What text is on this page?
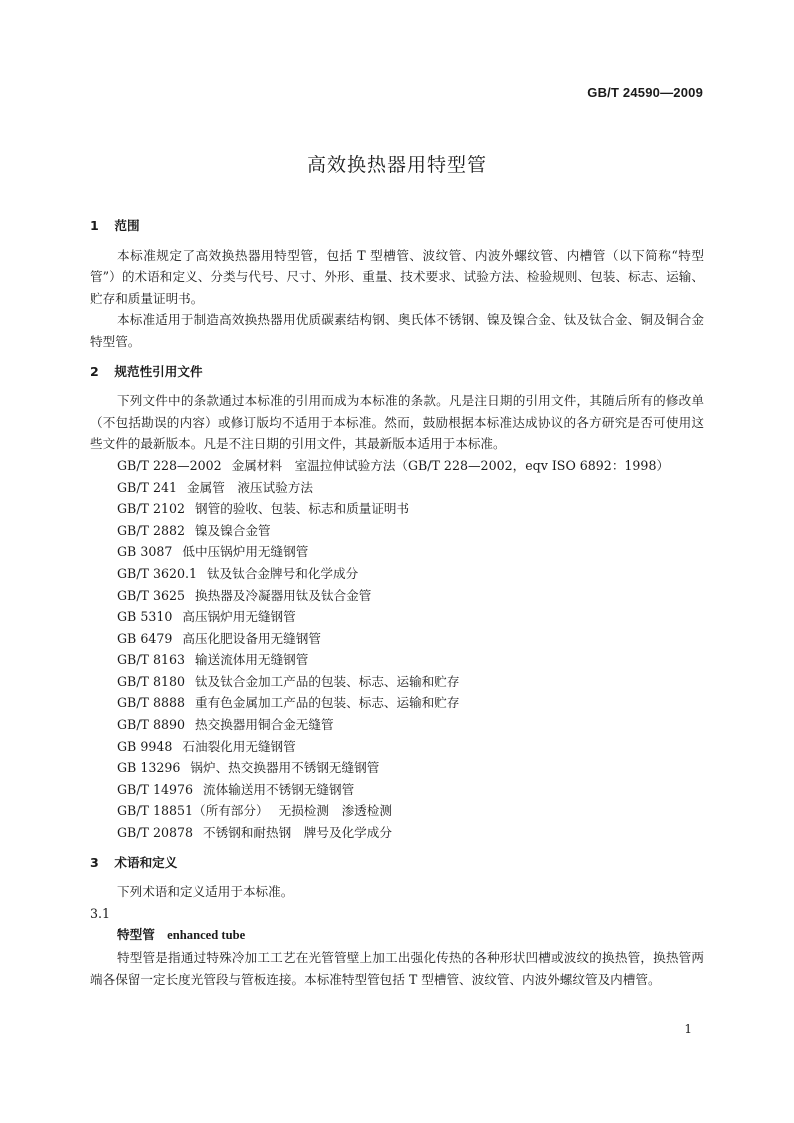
GB/T 24590—2009
高效换热器用特型管
1 范围

本标准规定了高效换热器用特型管，包括 T 型槽管、波纹管、内波外螺纹管、内槽管（以下简称“特型管”）的术语和定义、分类与代号、尺寸、外形、重量、技术要求、试验方法、检验规则、包装、标志、运输、贮存和质量证明书。

本标准适用于制造高效换热器用优质碳素结构钢、奥氏体不锈钢、镍及镍合金、钛及钛合金、铜及铜合金特型管。

2 规范性引用文件

下列文件中的条款通过本标准的引用而成为本标准的条款。凡是注日期的引用文件，其随后所有的修改单（不包括勘误的内容）或修订版均不适用于本标准。然而，鼓励根据本标准达成协议的各方研究是否可使用这些文件的最新版本。凡是不注日期的引用文件，其最新版本适用于本标准。

GB/T 228—2002 金属材料　室温拉伸试验方法（GB/T 228—2002，eqv ISO 6892：1998）
GB/T 241 金属管　液压试验方法
GB/T 2102 钢管的验收、包装、标志和质量证明书
GB/T 2882 镍及镍合金管
GB 3087 低中压锅炉用无缝钢管
GB/T 3620.1 钛及钛合金牌号和化学成分
GB/T 3625 换热器及冷凝器用钛及钛合金管
GB 5310 高压锅炉用无缝钢管
GB 6479 高压化肥设备用无缝钢管
GB/T 8163 输送流体用无缝钢管
GB/T 8180 钛及钛合金加工产品的包装、标志、运输和贮存
GB/T 8888 重有色金属加工产品的包装、标志、运输和贮存
GB/T 8890 热交换器用铜合金无缝管
GB 9948 石油裂化用无缝钢管
GB 13296 锅炉、热交换器用不锈钢无缝钢管
GB/T 14976 流体输送用不锈钢无缝钢管
GB/T 18851（所有部分） 无损检测　渗透检测
GB/T 20878 不锈钢和耐热钢　牌号及化学成分
3 术语和定义

下列术语和定义适用于本标准。

3.1
特型管 enhanced tube

特型管是指通过特殊冷加工工艺在光管管壁上加工出强化传热的各种形状凹槽或波纹的换热管，换热管两端各保留一定长度光管段与管板连接。本标准特型管包括 T 型槽管、波纹管、内波外螺纹管及内槽管。

1
